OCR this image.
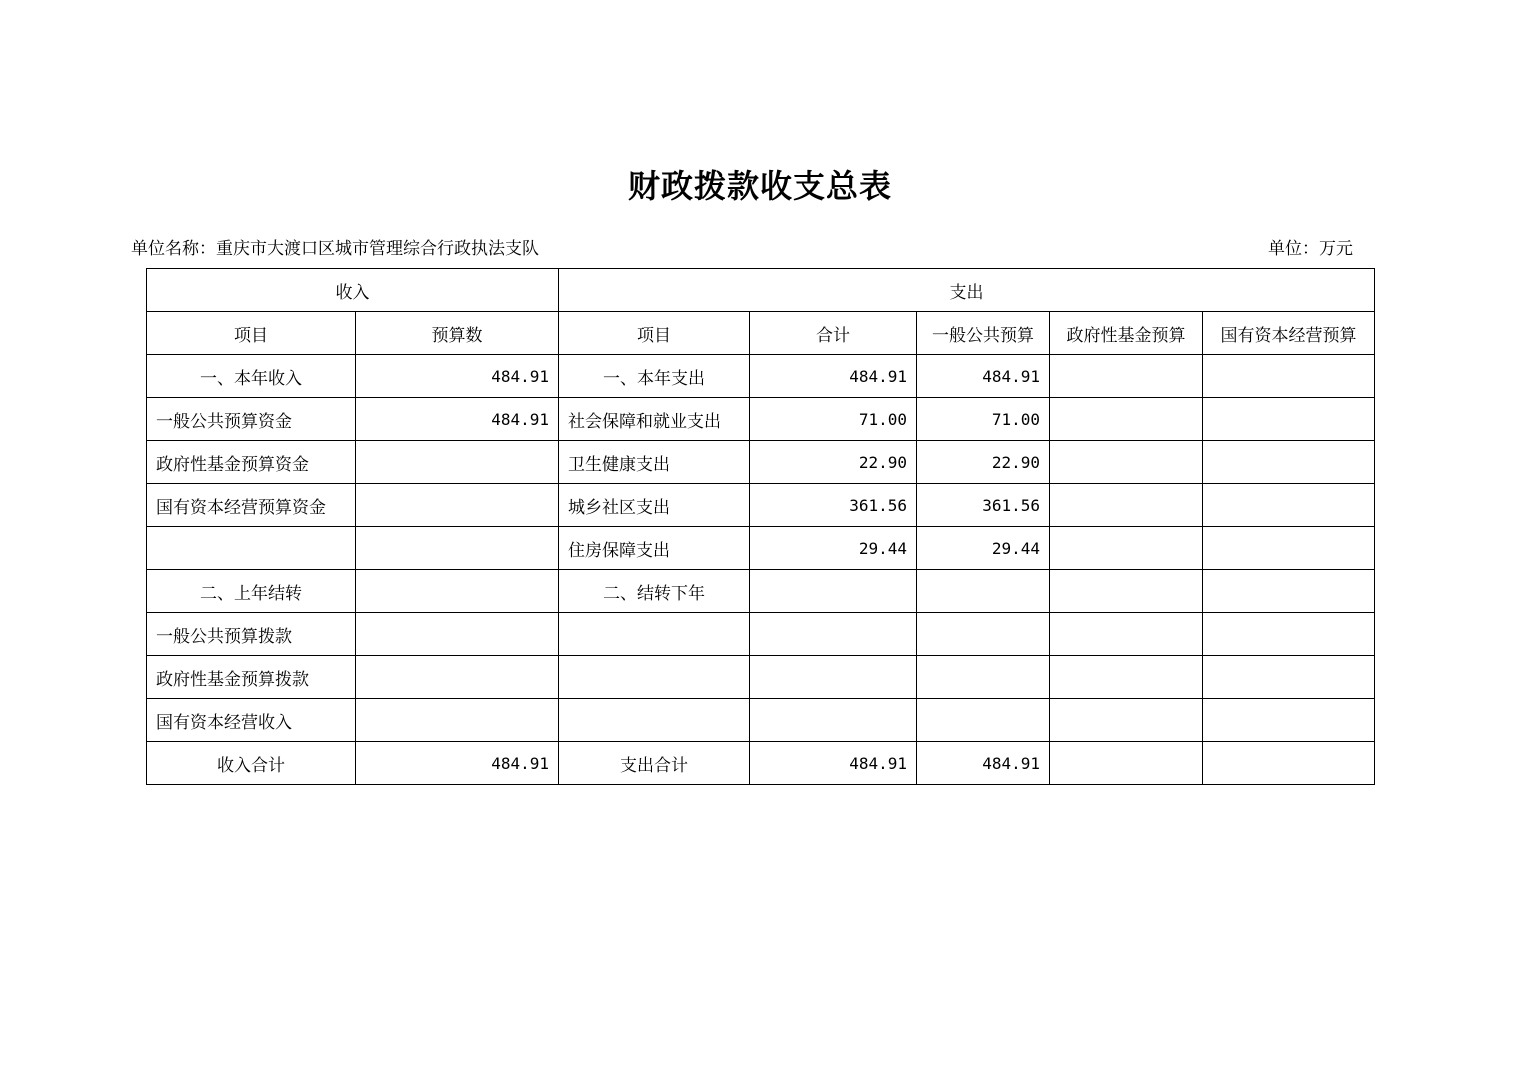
财政拨款收支总表
单位名称：重庆市大渡口区城市管理综合行政执法支队	单位：万元
收入		支出				
项目	预算数	项目	合计	一般公共预算	政府性基金预算	国有资本经营预算
一、本年收入	484.91	一、本年支出	484.91	484.91		
一般公共预算资金	484.91	社会保障和就业支出	71.00	71.00		
政府性基金预算资金		卫生健康支出	22.90	22.90		
国有资本经营预算资金		城乡社区支出	361.56	361.56		
		住房保障支出	29.44	29.44		
二、上年结转		二、结转下年				
一般公共预算拨款						
政府性基金预算拨款						
国有资本经营收入						
收入合计	484.91	支出合计	484.91	484.91		
